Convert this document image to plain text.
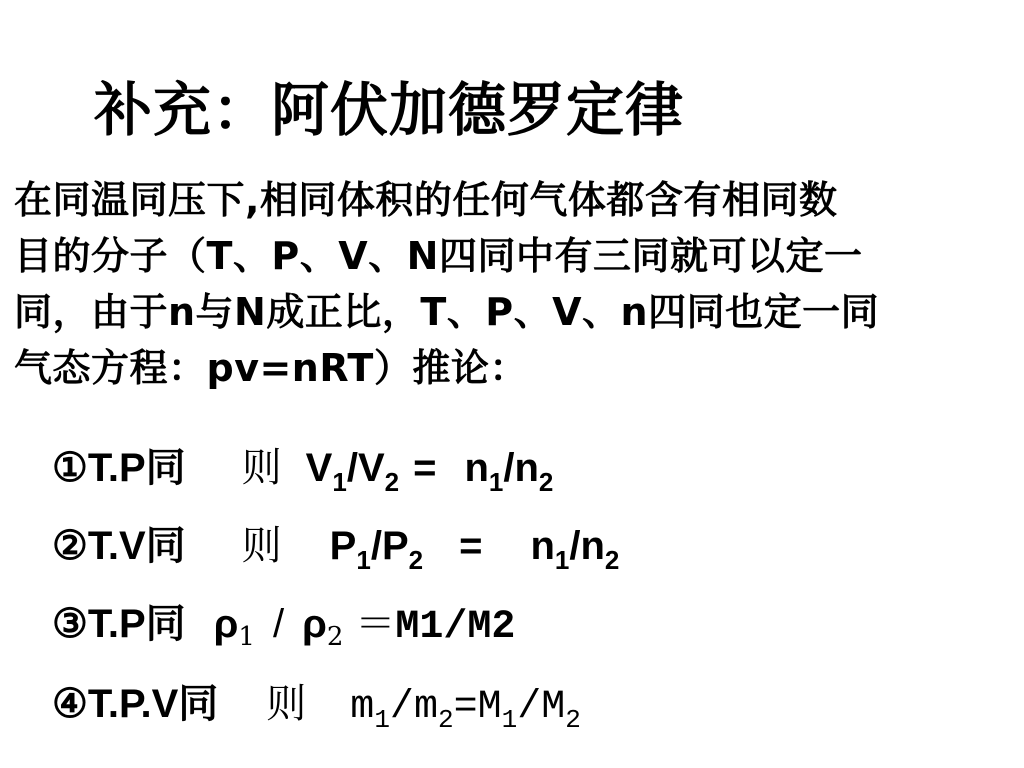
补充：阿伏加德罗定律
在同温同压下,相同体积的任何气体都含有相同数
目的分子（T、P、V、N四同中有三同就可以定一
同，由于n与N成正比，T、P、V、n四同也定一同
气态方程：pv=nRT）推论：
①T.P同 则 $V_1/V_2 = n_1/n_2$
②T.V同 则 $P_1/P_2 = n_1/n_2$
③T.P同 $\rho_1 / \rho_2 =M1/M2$
④T.P.V同 则 $m_1/m_2=M_1/M_2$
